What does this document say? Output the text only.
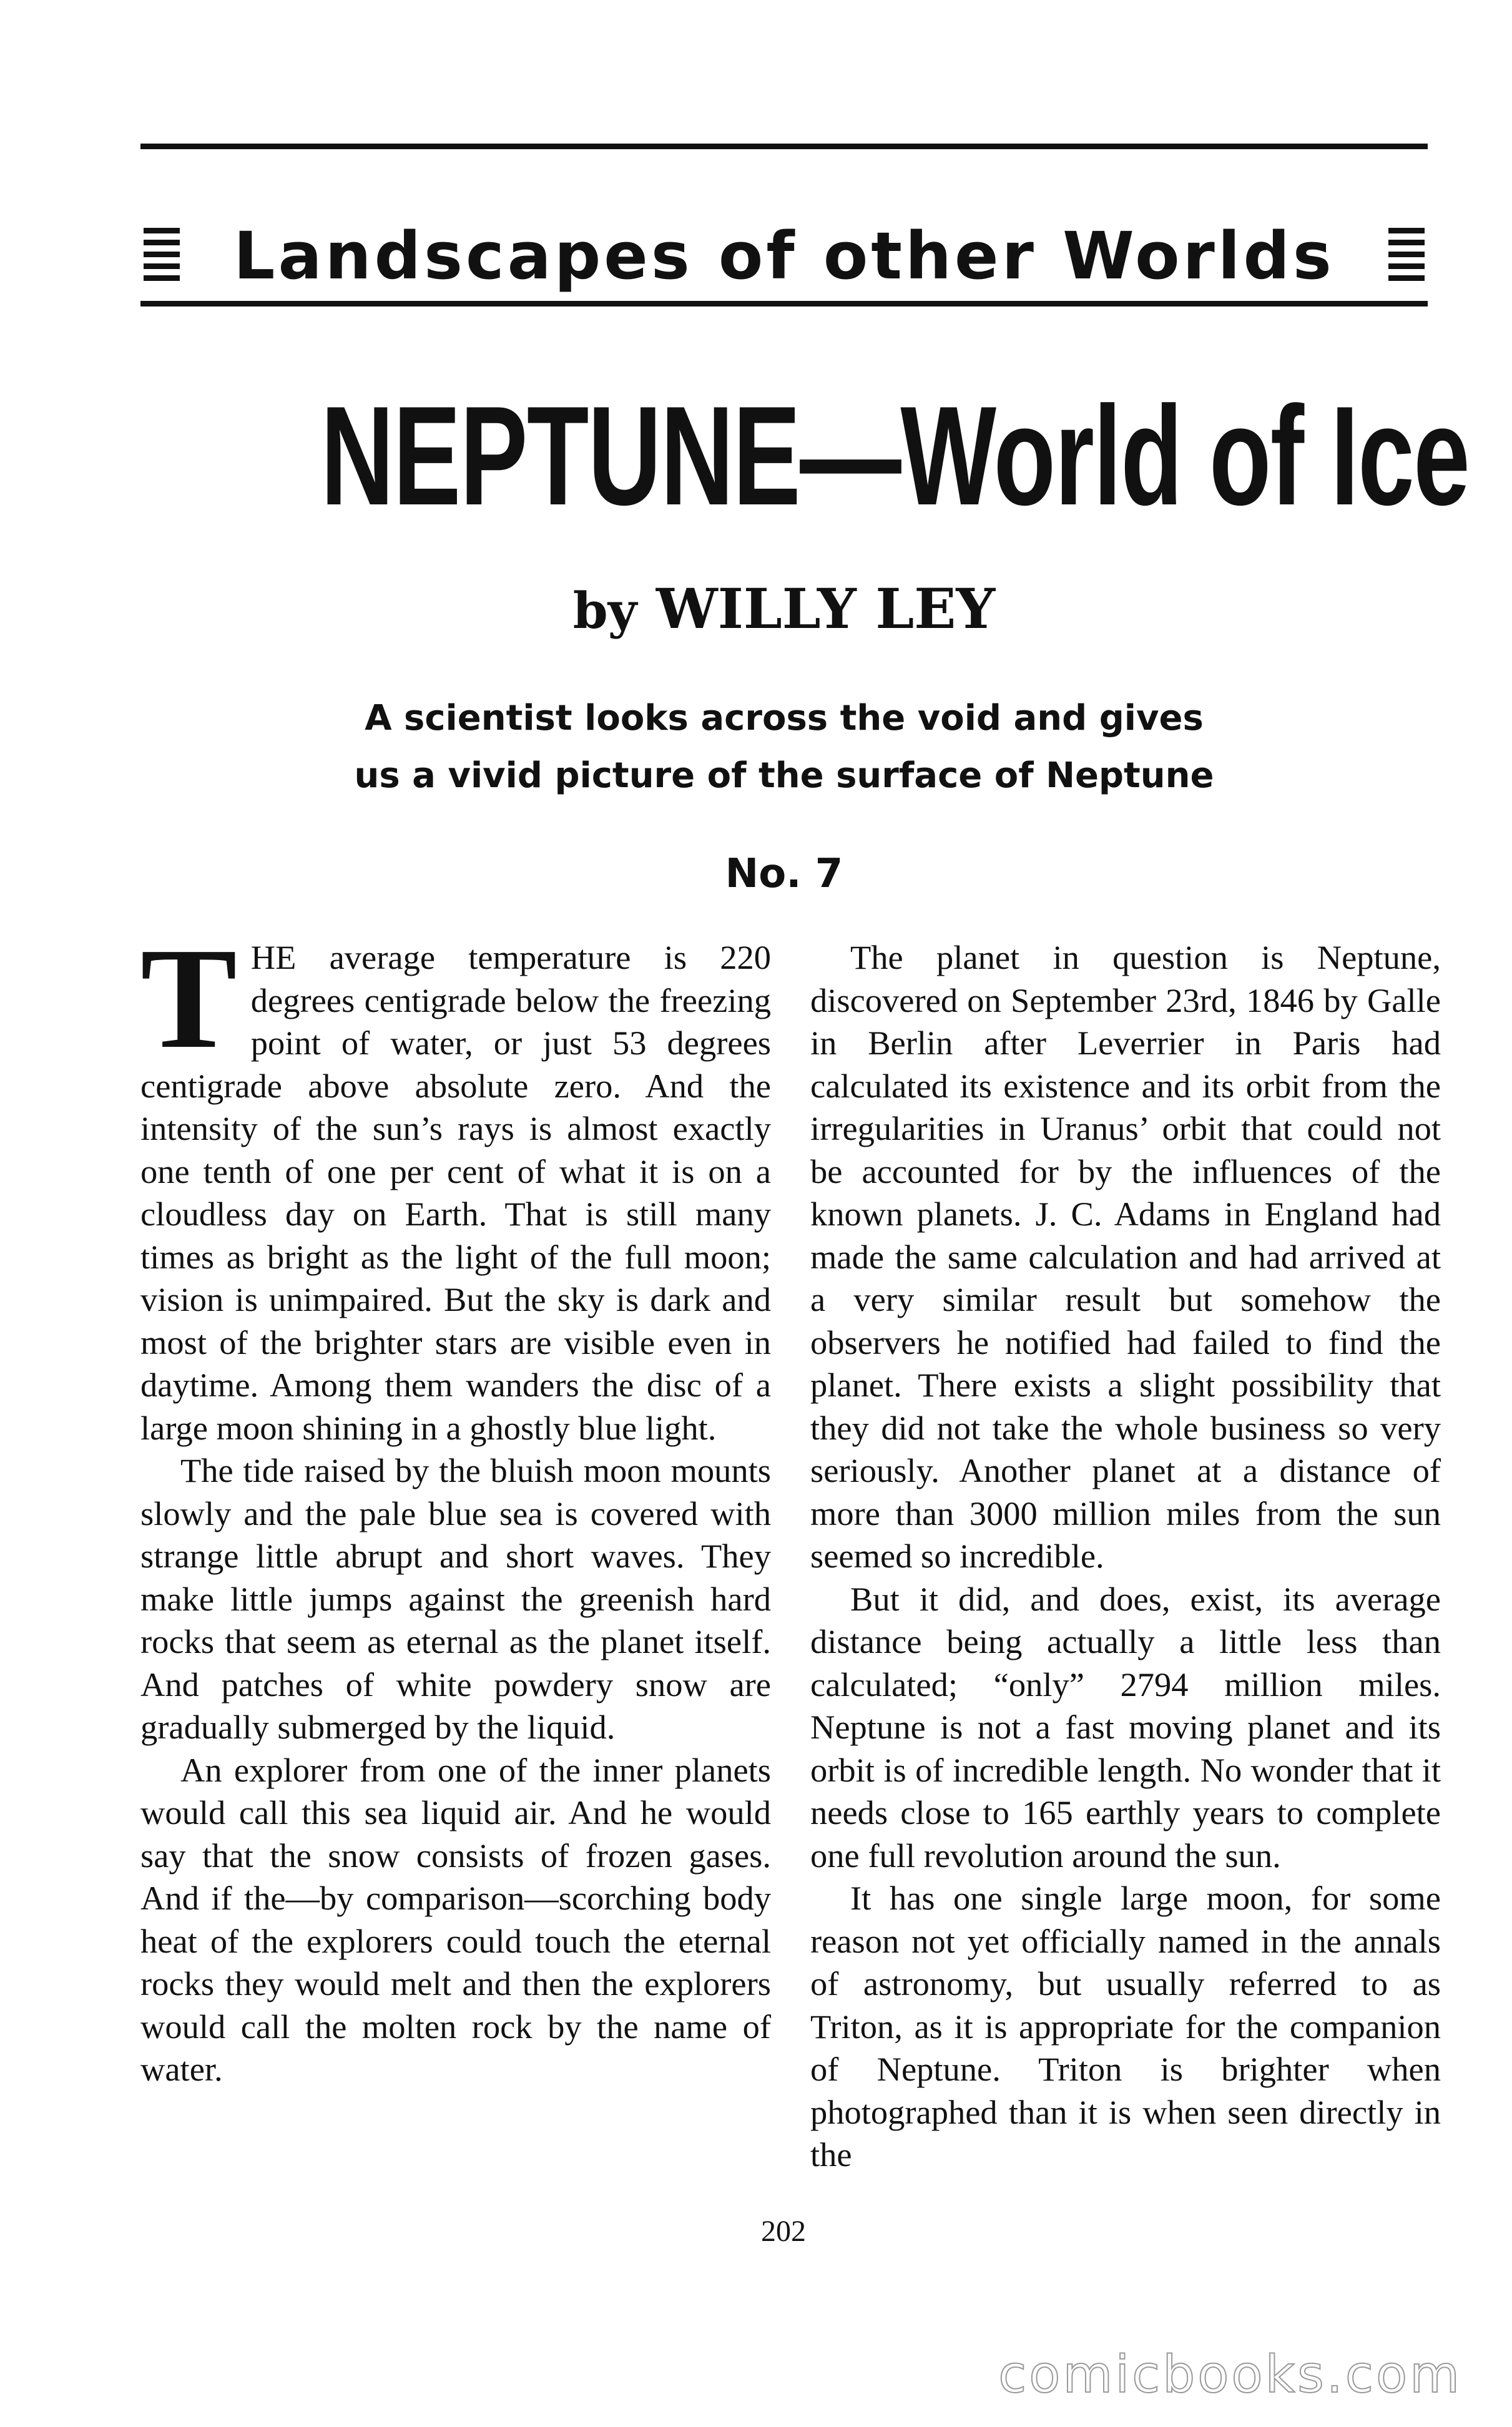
Landscapes of other Worlds
NEPTUNE—World of Ice
by WILLY LEY
A scientist looks across the void and gives
us a vivid picture of the surface of Neptune
No. 7

THE average temperature is 220 degrees centigrade below the freezing point of water, or just 53 degrees centigrade above absolute zero. And the intensity of the sun’s rays is almost exactly one tenth of one per cent of what it is on a cloudless day on Earth. That is still many times as bright as the light of the full moon; vision is unimpaired. But the sky is dark and most of the brighter stars are visible even in daytime. Among them wanders the disc of a large moon shining in a ghostly blue light.

The tide raised by the bluish moon mounts slowly and the pale blue sea is covered with strange little abrupt and short waves. They make little jumps against the greenish hard rocks that seem as eternal as the planet itself. And patches of white powdery snow are gradually submerged by the liquid.

An explorer from one of the inner planets would call this sea liquid air. And he would say that the snow consists of frozen gases. And if the—by comparison—scorching body heat of the explorers could touch the eternal rocks they would melt and then the explorers would call the molten rock by the name of water.

The planet in question is Neptune, discovered on September 23rd, 1846 by Galle in Berlin after Leverrier in Paris had calculated its existence and its orbit from the irregularities in Uranus’ orbit that could not be accounted for by the influences of the known planets. J. C. Adams in England had made the same calculation and had arrived at a very similar result but somehow the observers he notified had failed to find the planet. There exists a slight possibility that they did not take the whole business so very seriously. Another planet at a distance of more than 3000 million miles from the sun seemed so incredible.

But it did, and does, exist, its average distance being actually a little less than calculated; “only” 2794 million miles. Neptune is not a fast moving planet and its orbit is of incredible length. No wonder that it needs close to 165 earthly years to complete one full revolution around the sun.

It has one single large moon, for some reason not yet officially named in the annals of astronomy, but usually referred to as Triton, as it is appropriate for the companion of Neptune. Triton is brighter when photographed than it is when seen directly in the

202
comicbooks.com
